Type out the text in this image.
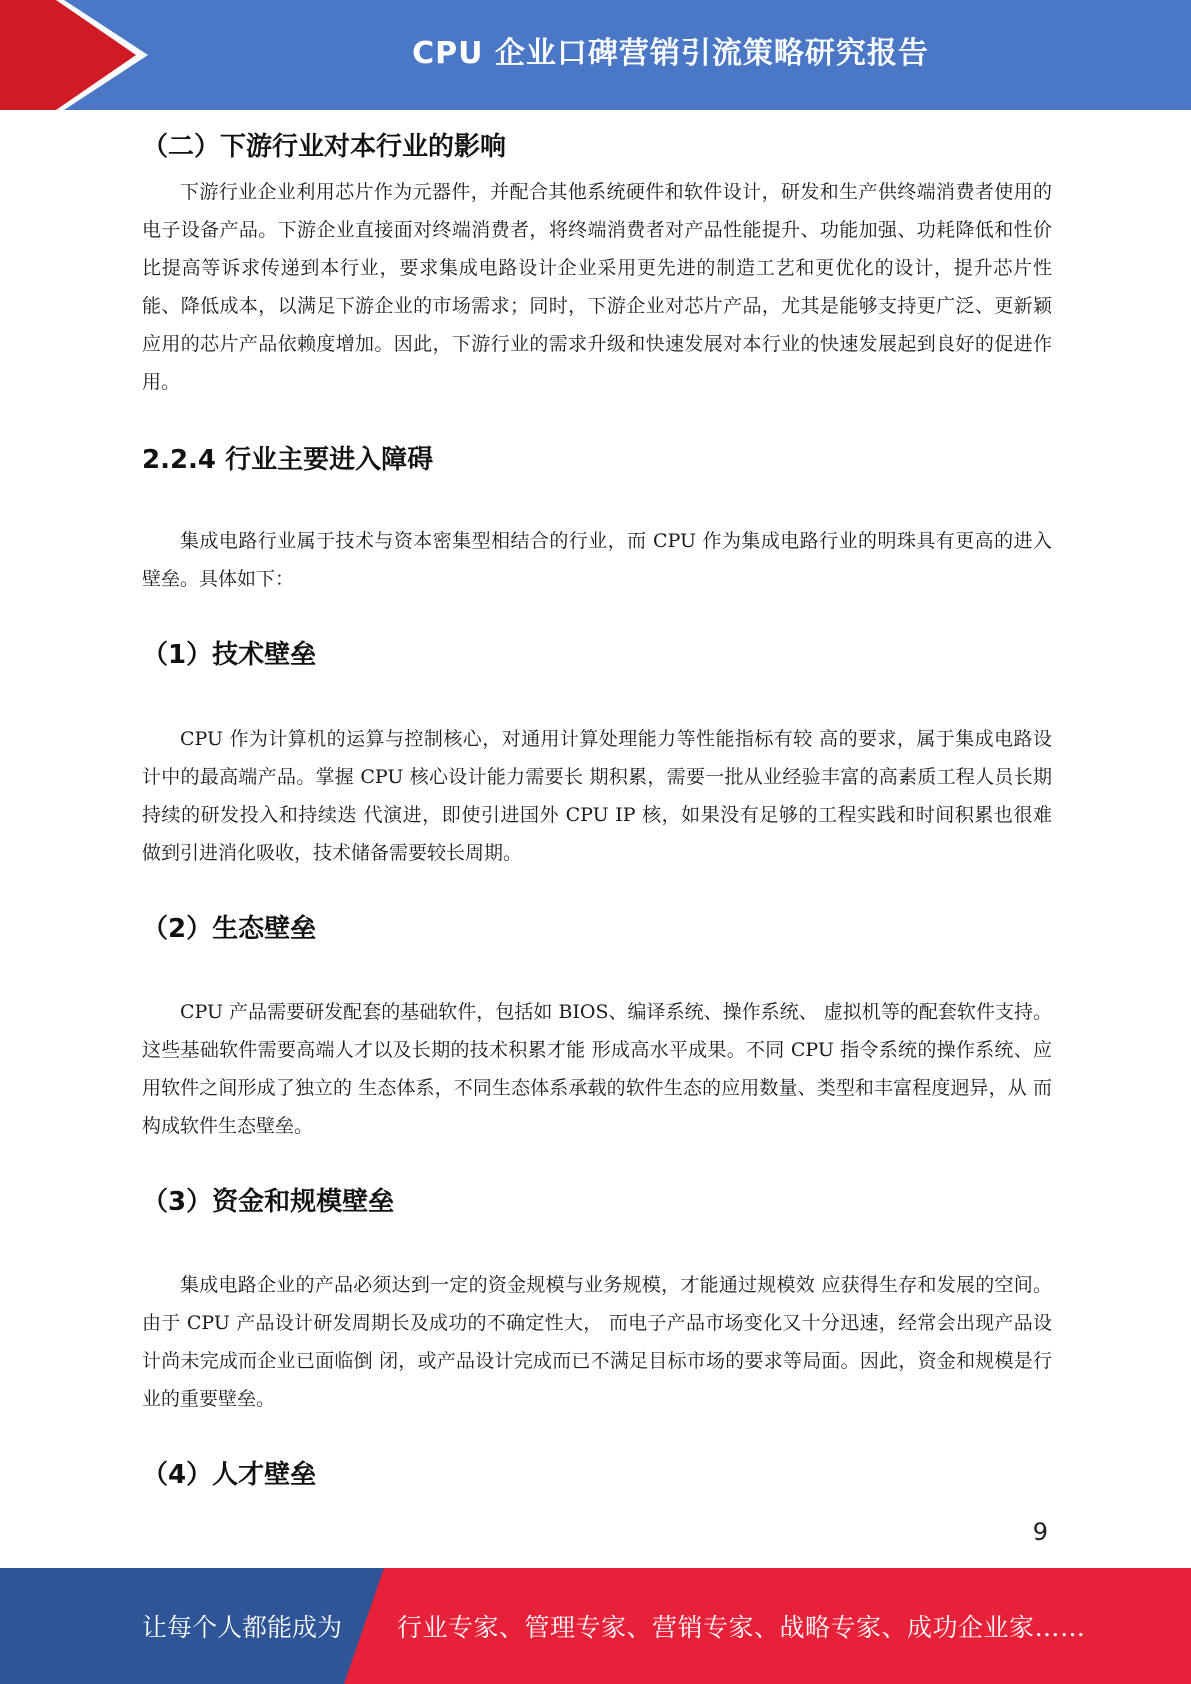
CPU 企业口碑营销引流策略研究报告
（二）下游行业对本行业的影响

下游行业企业利用芯片作为元器件，并配合其他系统硬件和软件设计，研发和生产供终端消费者使用的电子设备产品。下游企业直接面对终端消费者，将终端消费者对产品性能提升、功能加强、功耗降低和性价比提高等诉求传递到本行业，要求集成电路设计企业采用更先进的制造工艺和更优化的设计，提升芯片性能、降低成本，以满足下游企业的市场需求；同时，下游企业对芯片产品，尤其是能够支持更广泛、更新颖应用的芯片产品依赖度增加。因此，下游行业的需求升级和快速发展对本行业的快速发展起到良好的促进作用。

2.2.4 行业主要进入障碍

集成电路行业属于技术与资本密集型相结合的行业，而 CPU 作为集成电路行业的明珠具有更高的进入壁垒。具体如下：

（1）技术壁垒

CPU 作为计算机的运算与控制核心，对通用计算处理能力等性能指标有较 高的要求，属于集成电路设计中的最高端产品。掌握 CPU 核心设计能力需要长 期积累，需要一批从业经验丰富的高素质工程人员长期持续的研发投入和持续迭 代演进，即使引进国外 CPU IP 核，如果没有足够的工程实践和时间积累也很难 做到引进消化吸收，技术储备需要较长周期。

（2）生态壁垒

CPU 产品需要研发配套的基础软件，包括如 BIOS、编译系统、操作系统、 虚拟机等的配套软件支持。这些基础软件需要高端人才以及长期的技术积累才能 形成高水平成果。不同 CPU 指令系统的操作系统、应用软件之间形成了独立的 生态体系，不同生态体系承载的软件生态的应用数量、类型和丰富程度迥异，从 而构成软件生态壁垒。

（3）资金和规模壁垒

集成电路企业的产品必须达到一定的资金规模与业务规模，才能通过规模效 应获得生存和发展的空间。由于 CPU 产品设计研发周期长及成功的不确定性大， 而电子产品市场变化又十分迅速，经常会出现产品设计尚未完成而企业已面临倒 闭，或产品设计完成而已不满足目标市场的要求等局面。因此，资金和规模是行 业的重要壁垒。

（4）人才壁垒
9
让每个人都能成为 行业专家、管理专家、营销专家、战略专家、成功企业家……
